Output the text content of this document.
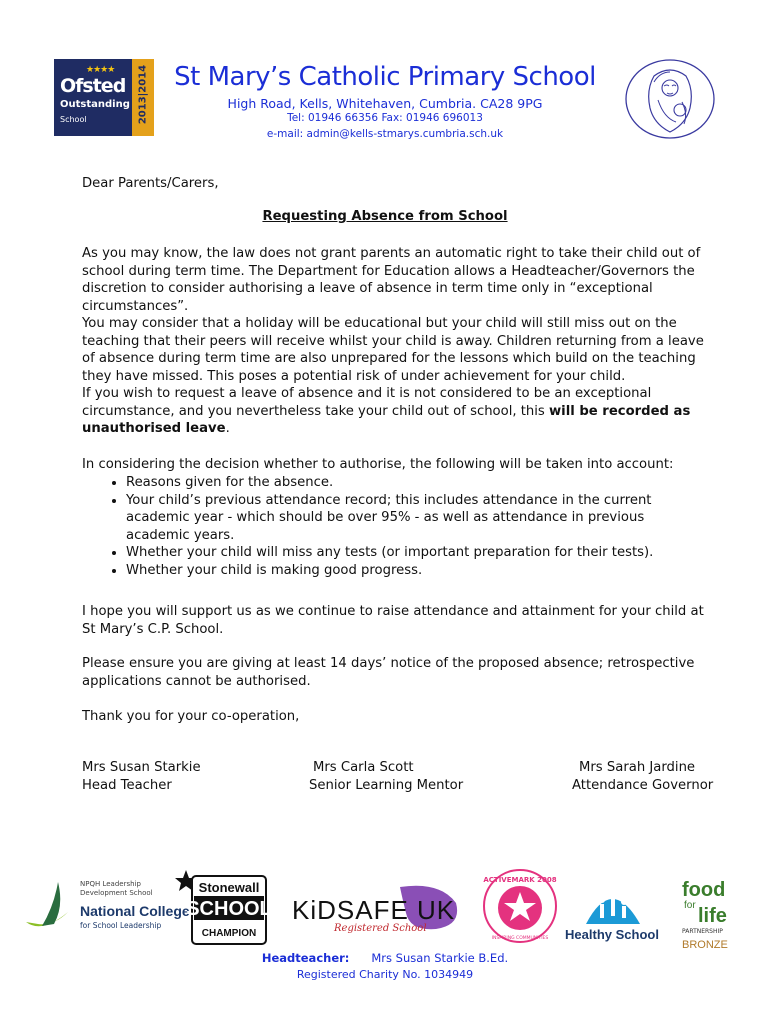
★★★★
Ofsted
Outstanding
School	2013|2014 St Mary’s Catholic Primary School
High Road, Kells, Whitehaven, Cumbria. CA28 9PG
Tel: 01946 66356 Fax: 01946 696013
e-mail: admin@kells-stmarys.cumbria.sch.uk
Dear Parents/Carers,
Requesting Absence from School

As you may know, the law does not grant parents an automatic right to take their child out of

school during term time. The Department for Education allows a Headteacher/Governors the

discretion to consider authorising a leave of absence in term time only in “exceptional

circumstances”.

You may consider that a holiday will be educational but your child will still miss out on the

teaching that their peers will receive whilst your child is away. Children returning from a leave

of absence during term time are also unprepared for the lessons which build on the teaching

they have missed. This poses a potential risk of under achievement for your child.

If you wish to request a leave of absence and it is not considered to be an exceptional

circumstance, and you nevertheless take your child out of school, this will be recorded as

unauthorised leave.

In considering the decision whether to authorise, the following will be taken into account:
• Reasons given for the absence.
• Your child’s previous attendance record; this includes attendance in the current academic year - which should be over 95% - as well as attendance in previous academic years.
• Whether your child will miss any tests (or important preparation for their tests).
• Whether your child is making good progress.
I hope you will support us as we continue to raise attendance and attainment for your child at
St Mary’s C.P. School.
Please ensure you are giving at least 14 days’ notice of the proposed absence; retrospective
applications cannot be authorised.
Thank you for your co-operation,
Mrs Susan Starkie
Head Teacher
Mrs Carla Scott
Senior Learning Mentor
Mrs Sarah Jardine
Attendance Governor
NPQH Leadership
Development School
National College
for School Leadership
Stonewall
SCHOOL
CHAMPION
KiDSAFE UK
Registered School
ACTIVEMARK 2008
INSPIRING COMMUNITIES Healthy School
food
for life
PARTNERSHIP
BRONZE
Headteacher: Mrs Susan Starkie B.Ed.
Registered Charity No. 1034949
